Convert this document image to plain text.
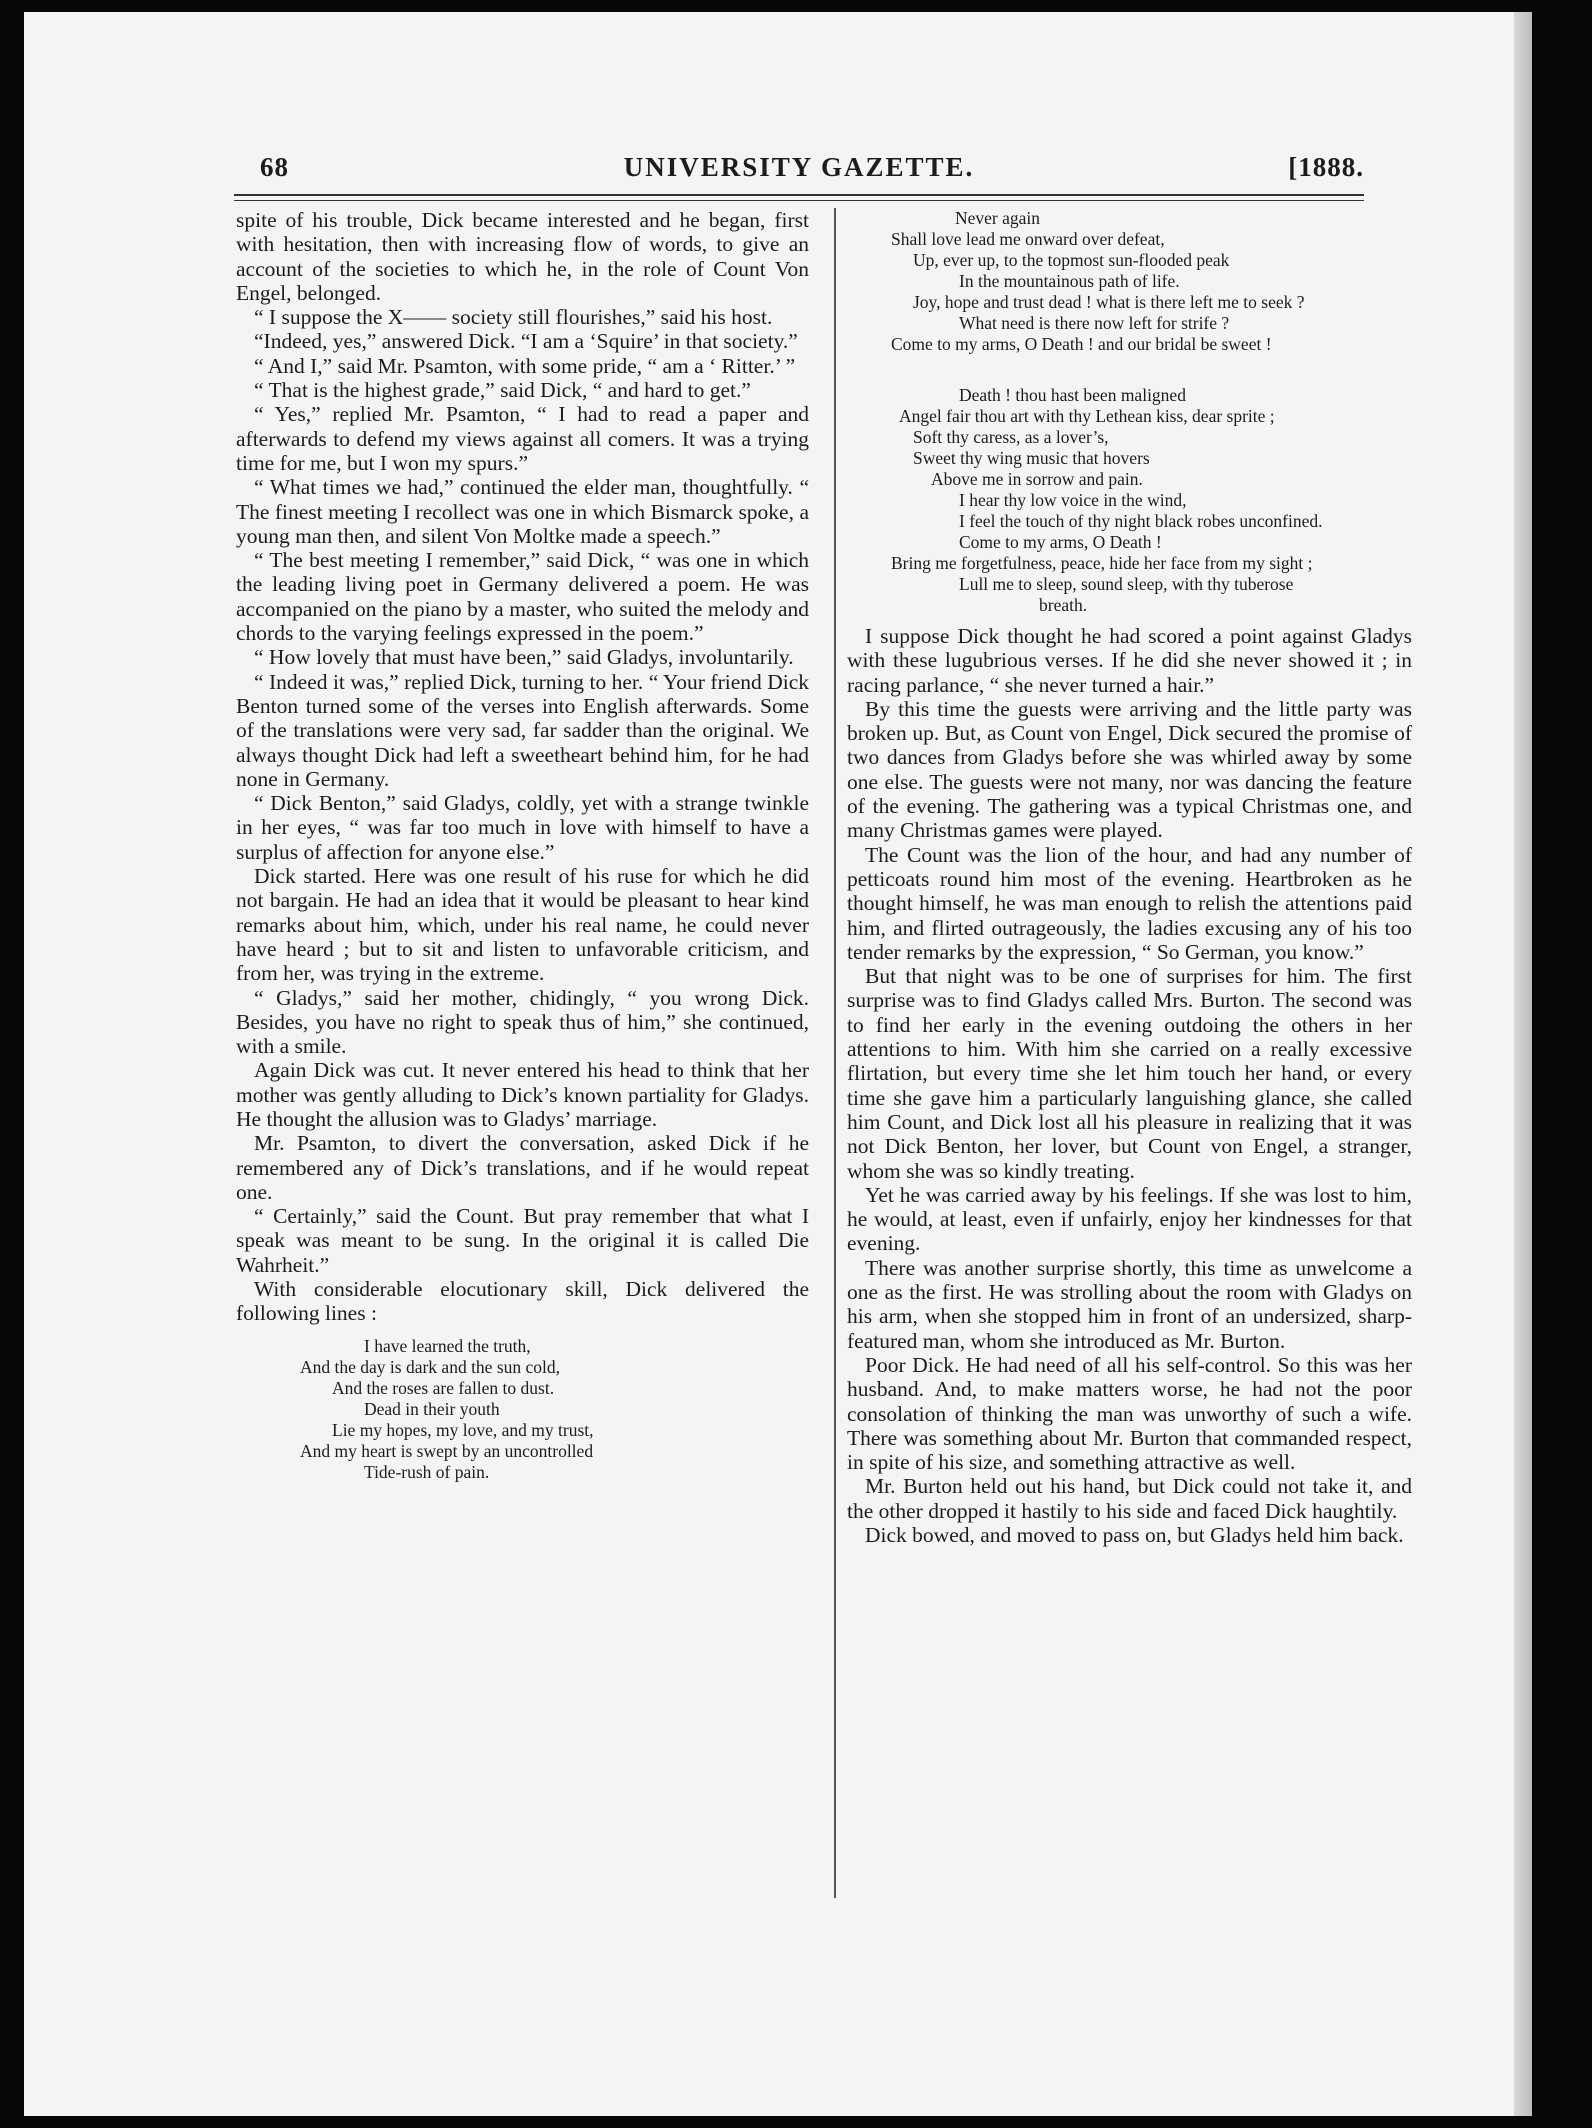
68	UNIVERSITY GAZETTE.	[1888.

spite of his trouble, Dick became interested and he began, first with hesitation, then with increasing flow of words, to give an account of the societies to which he, in the role of Count Von Engel, belonged.

“ I suppose the X—— society still flourishes,” said his host.

“Indeed, yes,” answered Dick. “I am a ‘Squire’ in that society.”

“ And I,” said Mr. Psamton, with some pride, “ am a ‘ Ritter.’ ”

“ That is the highest grade,” said Dick, “ and hard to get.”

“ Yes,” replied Mr. Psamton, “ I had to read a paper and afterwards to defend my views against all comers. It was a trying time for me, but I won my spurs.”

“ What times we had,” continued the elder man, thoughtfully. “ The finest meeting I recollect was one in which Bismarck spoke, a young man then, and silent Von Moltke made a speech.”

“ The best meeting I remember,” said Dick, “ was one in which the leading living poet in Germany delivered a poem. He was accompanied on the piano by a master, who suited the melody and chords to the varying feelings expressed in the poem.”

“ How lovely that must have been,” said Gladys, involuntarily.

“ Indeed it was,” replied Dick, turning to her. “ Your friend Dick Benton turned some of the verses into English afterwards. Some of the translations were very sad, far sadder than the original. We always thought Dick had left a sweetheart behind him, for he had none in Germany.

“ Dick Benton,” said Gladys, coldly, yet with a strange twinkle in her eyes, “ was far too much in love with himself to have a surplus of affection for anyone else.”

Dick started. Here was one result of his ruse for which he did not bargain. He had an idea that it would be pleasant to hear kind remarks about him, which, under his real name, he could never have heard ; but to sit and listen to unfavorable criticism, and from her, was trying in the extreme.

“ Gladys,” said her mother, chidingly, “ you wrong Dick. Besides, you have no right to speak thus of him,” she continued, with a smile.

Again Dick was cut. It never entered his head to think that her mother was gently alluding to Dick’s known partiality for Gladys. He thought the allusion was to Gladys’ marriage.

Mr. Psamton, to divert the conversation, asked Dick if he remembered any of Dick’s translations, and if he would repeat one.

“ Certainly,” said the Count. But pray remember that what I speak was meant to be sung. In the original it is called Die Wahrheit.”

With considerable elocutionary skill, Dick delivered the following lines :

I have learned the truth,
And the day is dark and the sun cold,
And the roses are fallen to dust.
Dead in their youth
Lie my hopes, my love, and my trust,
And my heart is swept by an uncontrolled
Tide-rush of pain.
Never again
Shall love lead me onward over defeat,
Up, ever up, to the topmost sun-flooded peak
In the mountainous path of life.
Joy, hope and trust dead ! what is there left me to seek ?
What need is there now left for strife ?
Come to my arms, O Death ! and our bridal be sweet !
Death ! thou hast been maligned
Angel fair thou art with thy Lethean kiss, dear sprite ;
Soft thy caress, as a lover’s,
Sweet thy wing music that hovers
Above me in sorrow and pain.
I hear thy low voice in the wind,
I feel the touch of thy night black robes unconfined.
Come to my arms, O Death !
Bring me forgetfulness, peace, hide her face from my sight ;
Lull me to sleep, sound sleep, with thy tuberose
breath.

I suppose Dick thought he had scored a point against Gladys with these lugubrious verses. If he did she never showed it ; in racing parlance, “ she never turned a hair.”

By this time the guests were arriving and the little party was broken up. But, as Count von Engel, Dick secured the promise of two dances from Gladys before she was whirled away by some one else. The guests were not many, nor was dancing the feature of the evening. The gathering was a typical Christmas one, and many Christmas games were played.

The Count was the lion of the hour, and had any number of petticoats round him most of the evening. Heartbroken as he thought himself, he was man enough to relish the attentions paid him, and flirted outrageously, the ladies excusing any of his too tender remarks by the expression, “ So German, you know.”

But that night was to be one of surprises for him. The first surprise was to find Gladys called Mrs. Burton. The second was to find her early in the evening outdoing the others in her attentions to him. With him she carried on a really excessive flirtation, but every time she let him touch her hand, or every time she gave him a particularly languishing glance, she called him Count, and Dick lost all his pleasure in realizing that it was not Dick Benton, her lover, but Count von Engel, a stranger, whom she was so kindly treating.

Yet he was carried away by his feelings. If she was lost to him, he would, at least, even if unfairly, enjoy her kindnesses for that evening.

There was another surprise shortly, this time as unwelcome a one as the first. He was strolling about the room with Gladys on his arm, when she stopped him in front of an undersized, sharp-featured man, whom she introduced as Mr. Burton.

Poor Dick. He had need of all his self-control. So this was her husband. And, to make matters worse, he had not the poor consolation of thinking the man was unworthy of such a wife. There was something about Mr. Burton that commanded respect, in spite of his size, and something attractive as well.

Mr. Burton held out his hand, but Dick could not take it, and the other dropped it hastily to his side and faced Dick haughtily.

Dick bowed, and moved to pass on, but Gladys held him back.
